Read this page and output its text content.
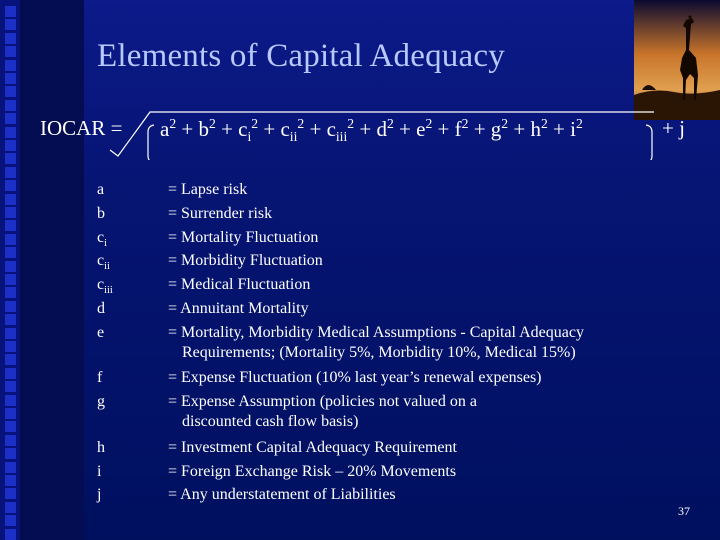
Elements of Capital Adequacy
IOCAR = $a^2 + b^2 + c_i^2 + c_{ii}^2 + c_{iii}^2 + d^2 + e^2 + f^2 + g^2 + h^2 + i^2$	+ j
a	= Lapse risk
b	= Surrender risk
$c_i$	= Mortality Fluctuation
$c_{ii}$	= Morbidity Fluctuation
$c_{iii}$	= Medical Fluctuation
d	= Annuitant Mortality
e	= Mortality, Morbidity Medical Assumptions - Capital Adequacy
Requirements; (Mortality 5%, Morbidity 10%, Medical 15%)
f	= Expense Fluctuation (10% last year’s renewal expenses)
g	= Expense Assumption (policies not valued on a
discounted cash flow basis)
h	= Investment Capital Adequacy Requirement
i	= Foreign Exchange Risk – 20% Movements
j	= Any understatement of Liabilities
37
